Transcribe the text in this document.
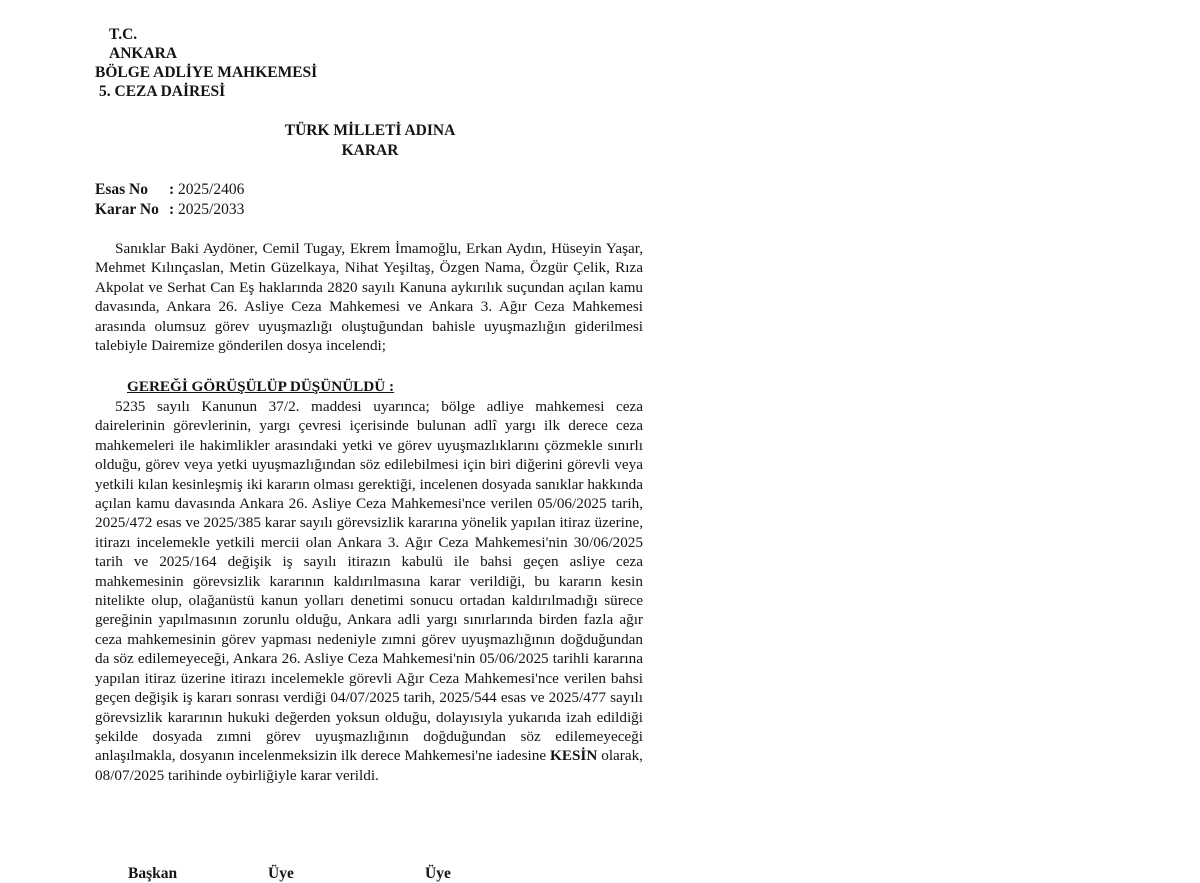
T.C.
ANKARA
BÖLGE ADLİYE MAHKEMESİ
5. CEZA DAİRESİ
TÜRK MİLLETİ ADINA
KARAR
Esas No : 2025/2406
Karar No : 2025/2033

Sanıklar Baki Aydöner, Cemil Tugay, Ekrem İmamoğlu, Erkan Aydın, Hüseyin Yaşar, Mehmet Kılınçaslan, Metin Güzelkaya, Nihat Yeşiltaş, Özgen Nama, Özgür Çelik, Rıza Akpolat ve Serhat Can Eş haklarında 2820 sayılı Kanuna aykırılık suçundan açılan kamu davasında, Ankara 26. Asliye Ceza Mahkemesi ve Ankara 3. Ağır Ceza Mahkemesi arasında olumsuz görev uyuşmazlığı oluştuğundan bahisle uyuşmazlığın giderilmesi talebiyle Dairemize gönderilen dosya incelendi;

GEREĞİ GÖRÜŞÜLÜP DÜŞÜNÜLDÜ :

5235 sayılı Kanunun 37/2. maddesi uyarınca; bölge adliye mahkemesi ceza dairelerinin görevlerinin, yargı çevresi içerisinde bulunan adlî yargı ilk derece ceza mahkemeleri ile hakimlikler arasındaki yetki ve görev uyuşmazlıklarını çözmekle sınırlı olduğu, görev veya yetki uyuşmazlığından söz edilebilmesi için biri diğerini görevli veya yetkili kılan kesinleşmiş iki kararın olması gerektiği, incelenen dosyada sanıklar hakkında açılan kamu davasında Ankara 26. Asliye Ceza Mahkemesi'nce verilen 05/06/2025 tarih, 2025/472 esas ve 2025/385 karar sayılı görevsizlik kararına yönelik yapılan itiraz üzerine, itirazı incelemekle yetkili mercii olan Ankara 3. Ağır Ceza Mahkemesi'nin 30/06/2025 tarih ve 2025/164 değişik iş sayılı itirazın kabulü ile bahsi geçen asliye ceza mahkemesinin görevsizlik kararının kaldırılmasına karar verildiği, bu kararın kesin nitelikte olup, olağanüstü kanun yolları denetimi sonucu ortadan kaldırılmadığı sürece gereğinin yapılmasının zorunlu olduğu, Ankara adli yargı sınırlarında birden fazla ağır ceza mahkemesinin görev yapması nedeniyle zımni görev uyuşmazlığının doğduğundan da söz edilemeyeceği, Ankara 26. Asliye Ceza Mahkemesi'nin 05/06/2025 tarihli kararına yapılan itiraz üzerine itirazı incelemekle görevli Ağır Ceza Mahkemesi'nce verilen bahsi geçen değişik iş kararı sonrası verdiği 04/07/2025 tarih, 2025/544 esas ve 2025/477 sayılı görevsizlik kararının hukuki değerden yoksun olduğu, dolayısıyla yukarıda izah edildiği şekilde dosyada zımni görev uyuşmazlığının doğduğundan söz edilemeyeceği anlaşılmakla, dosyanın incelenmeksizin ilk derece Mahkemesi'ne iadesine KESİN olarak, 08/07/2025 tarihinde oybirliğiyle karar verildi.

Başkan	Üye	Üye
